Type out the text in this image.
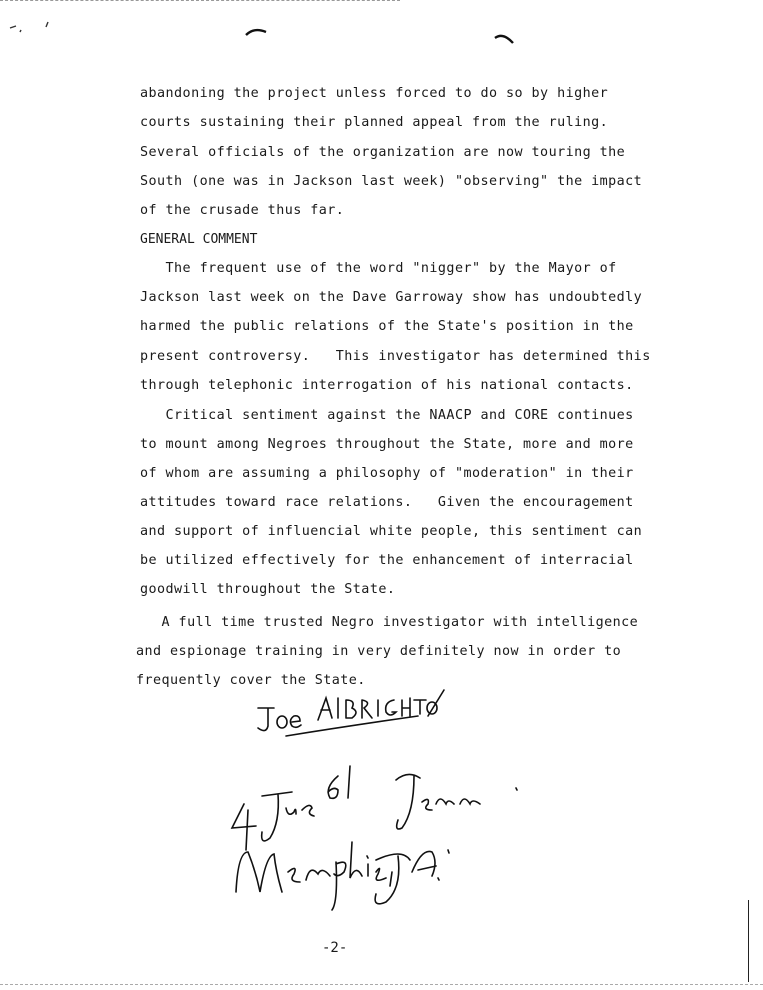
abandoning the project unless forced to do so by higher
courts sustaining their planned appeal from the ruling.
Several officials of the organization are now touring the
South (one was in Jackson last week) "observing" the impact
of the crusade thus far.
GENERAL COMMENT
The frequent use of the word "nigger" by the Mayor of
Jackson last week on the Dave Garroway show has undoubtedly
harmed the public relations of the State's position in the
present controversy.   This investigator has determined this
through telephonic interrogation of his national contacts.
Critical sentiment against the NAACP and CORE continues
to mount among Negroes throughout the State, more and more
of whom are assuming a philosophy of "moderation" in their
attitudes toward race relations.   Given the encouragement
and support of influencial white people, this sentiment can
be utilized effectively for the enhancement of interracial
goodwill throughout the State.
A full time trusted Negro investigator with intelligence
and espionage training in very definitely now in order to
frequently cover the State.
-2-
